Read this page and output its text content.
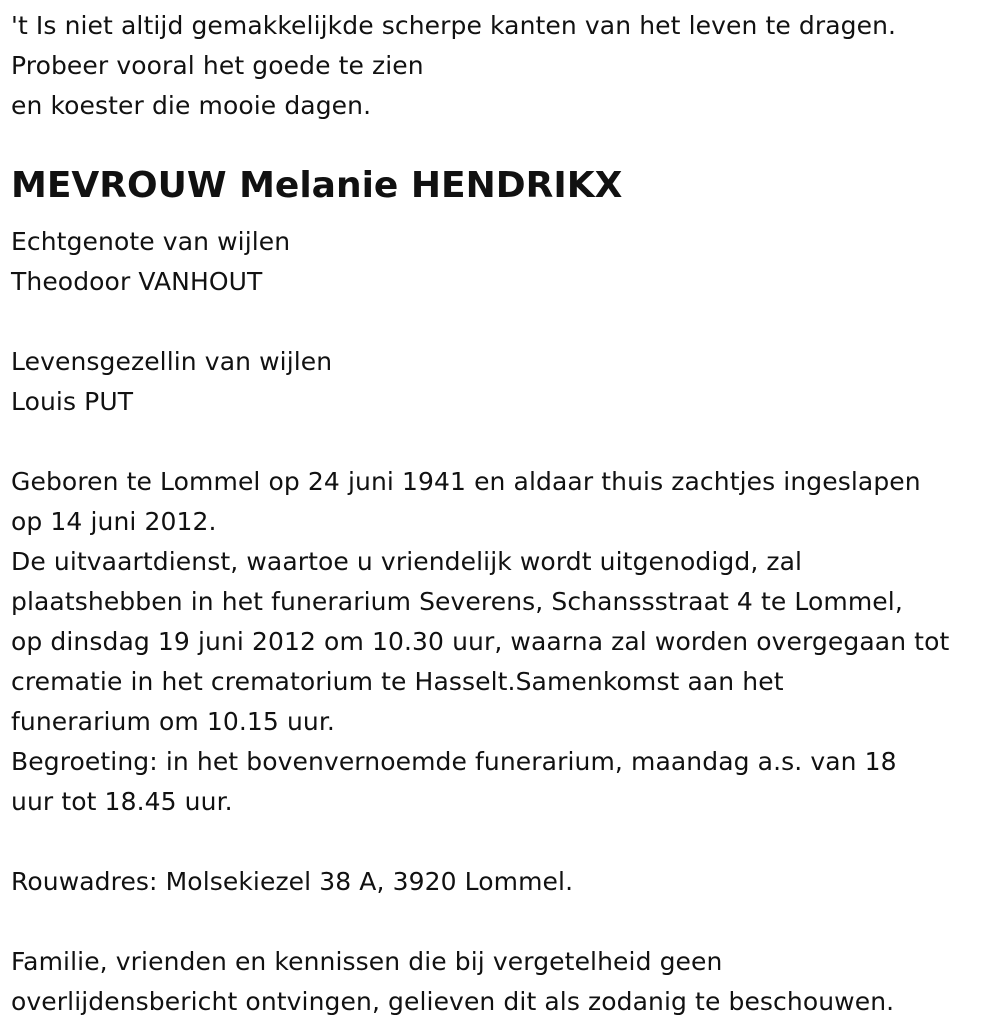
't Is niet altijd gemakkelijkde scherpe kanten van het leven te dragen.
Probeer vooral het goede te zien
en koester die mooie dagen.
MEVROUW Melanie HENDRIKX
Echtgenote van wijlen
Theodoor VANHOUT
Levensgezellin van wijlen
Louis PUT
Geboren te Lommel op 24 juni 1941 en aldaar thuis zachtjes ingeslapen
op 14 juni 2012.
De uitvaartdienst, waartoe u vriendelijk wordt uitgenodigd, zal
plaatshebben in het funerarium Severens, Schanssstraat 4 te Lommel,
op dinsdag 19 juni 2012 om 10.30 uur, waarna zal worden overgegaan tot
crematie in het crematorium te Hasselt.Samenkomst aan het
funerarium om 10.15 uur.
Begroeting: in het bovenvernoemde funerarium, maandag a.s. van 18
uur tot 18.45 uur.
Rouwadres: Molsekiezel 38 A, 3920 Lommel.
Familie, vrienden en kennissen die bij vergetelheid geen
overlijdensbericht ontvingen, gelieven dit als zodanig te beschouwen.
